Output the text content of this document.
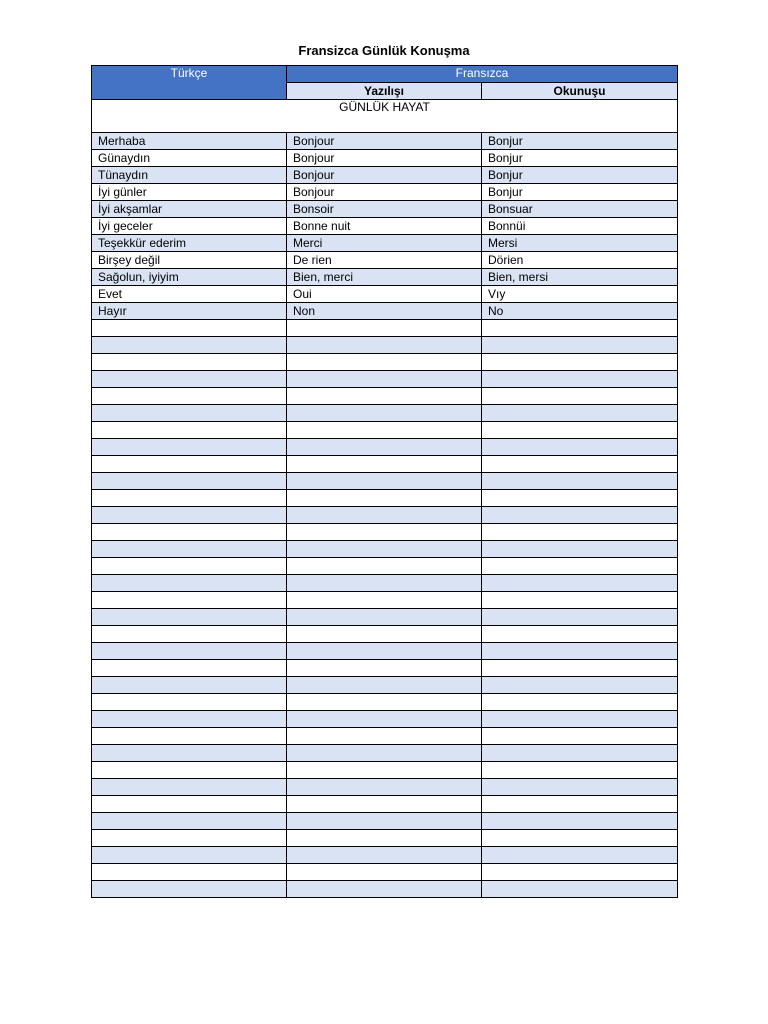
Fransizca Günlük Konuşma
Türkçe	Fransızca	
	Yazılışı	Okunuşu
GÜNLÜK HAYAT		
Merhaba	Bonjour	Bonjur
Günaydın	Bonjour	Bonjur
Tünaydın	Bonjour	Bonjur
İyi günler	Bonjour	Bonjur
İyi akşamlar	Bonsoir	Bonsuar
İyi geceler	Bonne nuit	Bonnüi
Teşekkür ederim	Merci	Mersi
Birşey değil	De rien	Dörien
Sağolun, iyiyim	Bien, merci	Bien, mersi
Evet	Oui	Vıy
Hayır	Non	No
